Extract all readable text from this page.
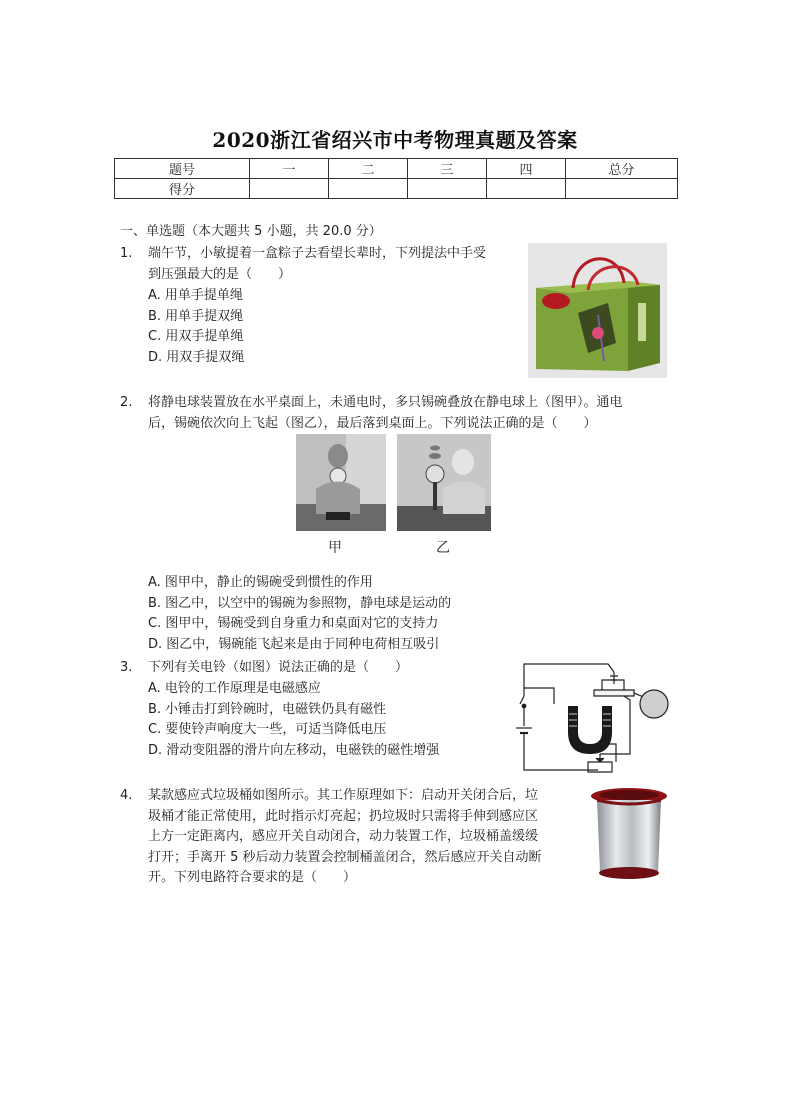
2020浙江省绍兴市中考物理真题及答案
题号	一	二	三	四	总分
得分					
一、单选题（本大题共 5 小题，共 20.0 分）
1. 端午节，小敏提着一盒粽子去看望长辈时，下列提法中手受
到压强最大的是（　　）
A. 用单手提单绳
B. 用单手提双绳
C. 用双手提单绳
D. 用双手提双绳
2. 将静电球装置放在水平桌面上，未通电时，多只锡碗叠放在静电球上（图甲）。通电
后，锡碗依次向上飞起（图乙），最后落到桌面上。下列说法正确的是（　　）
甲	乙
A. 图甲中，静止的锡碗受到惯性的作用
B. 图乙中，以空中的锡碗为参照物，静电球是运动的
C. 图甲中，锡碗受到自身重力和桌面对它的支持力
D. 图乙中，锡碗能飞起来是由于同种电荷相互吸引
3. 下列有关电铃（如图）说法正确的是（　　）
A. 电铃的工作原理是电磁感应
B. 小锤击打到铃碗时，电磁铁仍具有磁性
C. 要使铃声响度大一些，可适当降低电压
D. 滑动变阻器的滑片向左移动，电磁铁的磁性增强
4. 某款感应式垃圾桶如图所示。其工作原理如下：启动开关闭合后，垃
圾桶才能正常使用，此时指示灯亮起；扔垃圾时只需将手伸到感应区
上方一定距离内，感应开关自动闭合，动力装置工作，垃圾桶盖缓缓
打开；手离开 5 秒后动力装置会控制桶盖闭合，然后感应开关自动断
开。下列电路符合要求的是（　　）
